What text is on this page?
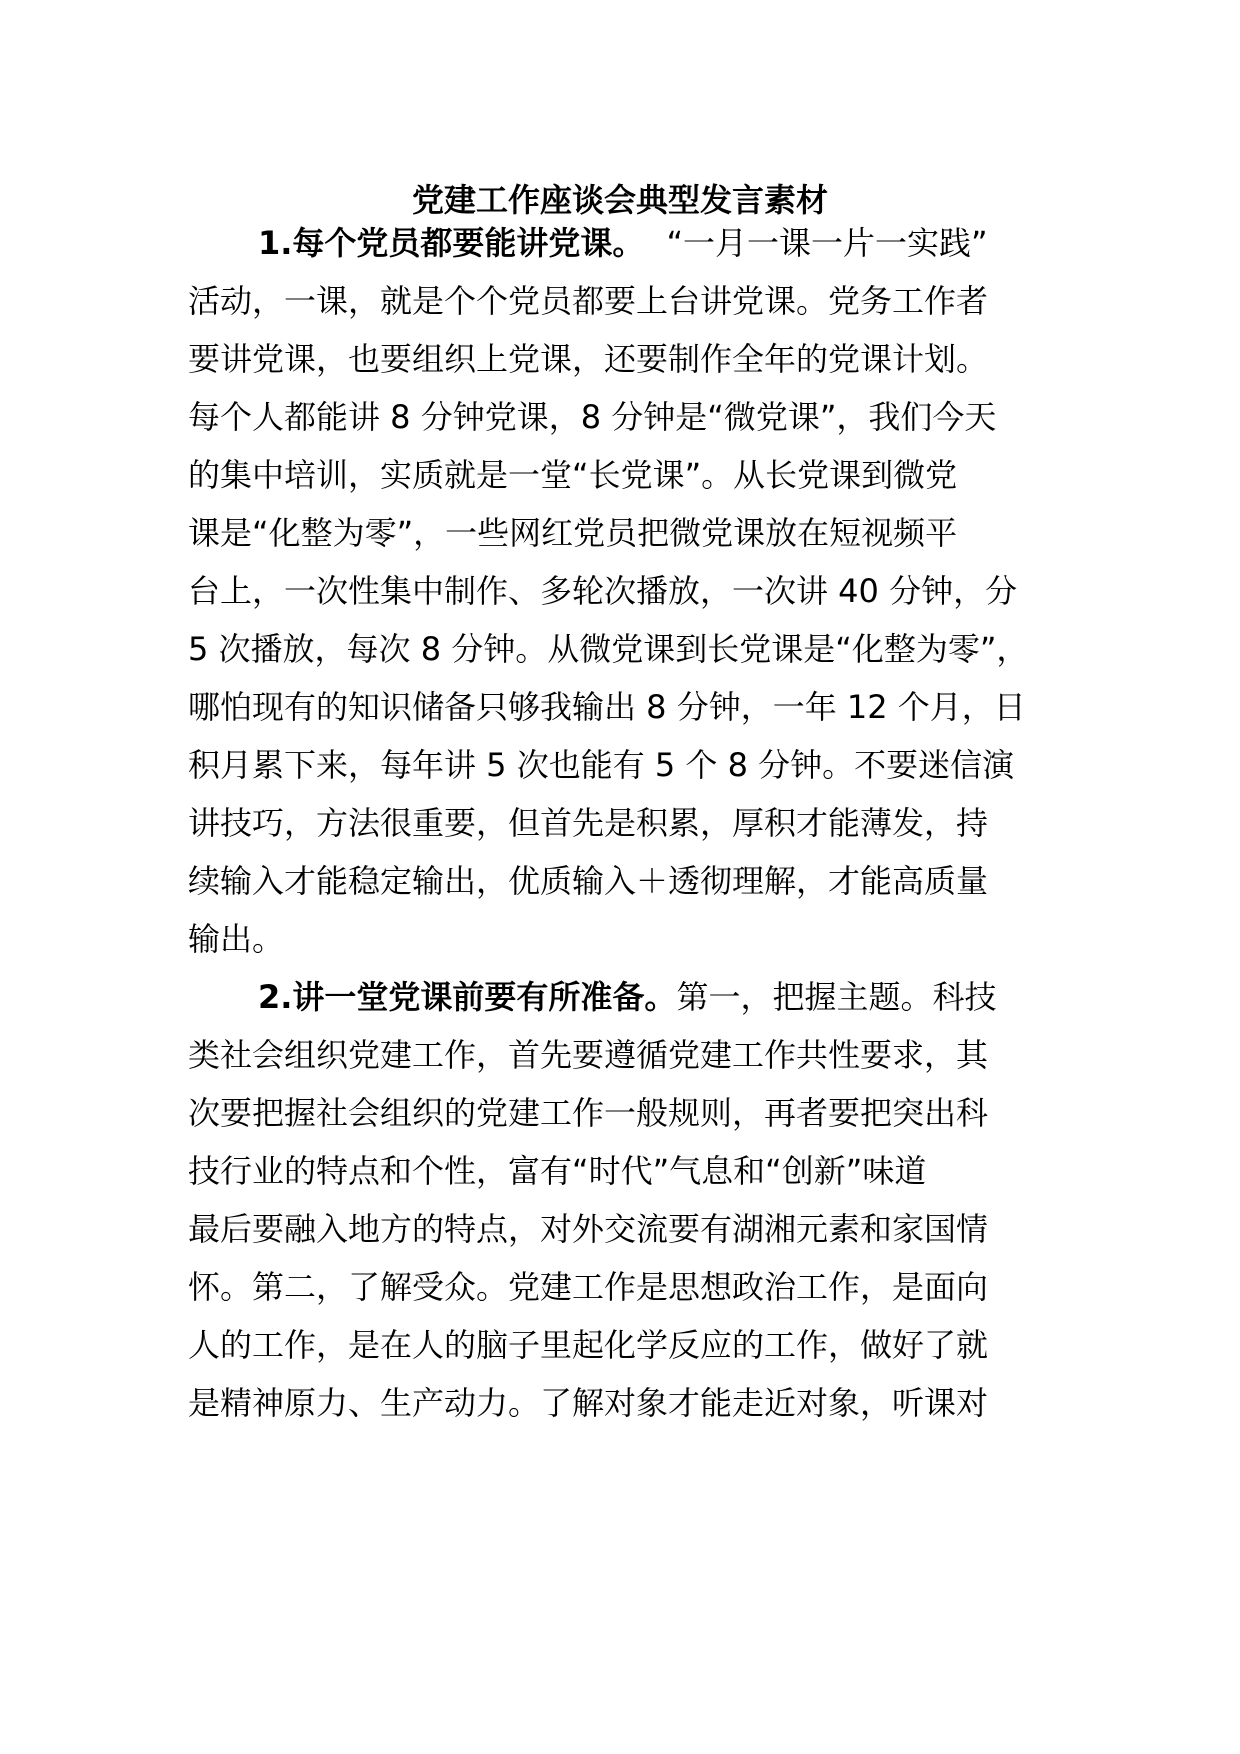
党建工作座谈会典型发言素材
1.每个党员都要能讲党课。 “一月一课一片一实践”
活动，一课，就是个个党员都要上台讲党课。党务工作者
要讲党课，也要组织上党课，还要制作全年的党课计划。
每个人都能讲 8 分钟党课，8 分钟是“微党课”，我们今天
的集中培训，实质就是一堂“长党课”。从长党课到微党
课是“化整为零”，一些网红党员把微党课放在短视频平
台上，一次性集中制作、多轮次播放，一次讲 40 分钟，分
5 次播放，每次 8 分钟。从微党课到长党课是“化整为零”，
哪怕现有的知识储备只够我输出 8 分钟，一年 12 个月，日
积月累下来，每年讲 5 次也能有 5 个 8 分钟。不要迷信演
讲技巧，方法很重要，但首先是积累，厚积才能薄发，持
续输入才能稳定输出，优质输入＋透彻理解，才能高质量
输出。
2.讲一堂党课前要有所准备。第一，把握主题。科技
类社会组织党建工作，首先要遵循党建工作共性要求，其
次要把握社会组织的党建工作一般规则，再者要把突出科
技行业的特点和个性，富有“时代”气息和“创新”味道
最后要融入地方的特点，对外交流要有湖湘元素和家国情
怀。第二，了解受众。党建工作是思想政治工作，是面向
人的工作，是在人的脑子里起化学反应的工作，做好了就
是精神原力、生产动力。了解对象才能走近对象，听课对
